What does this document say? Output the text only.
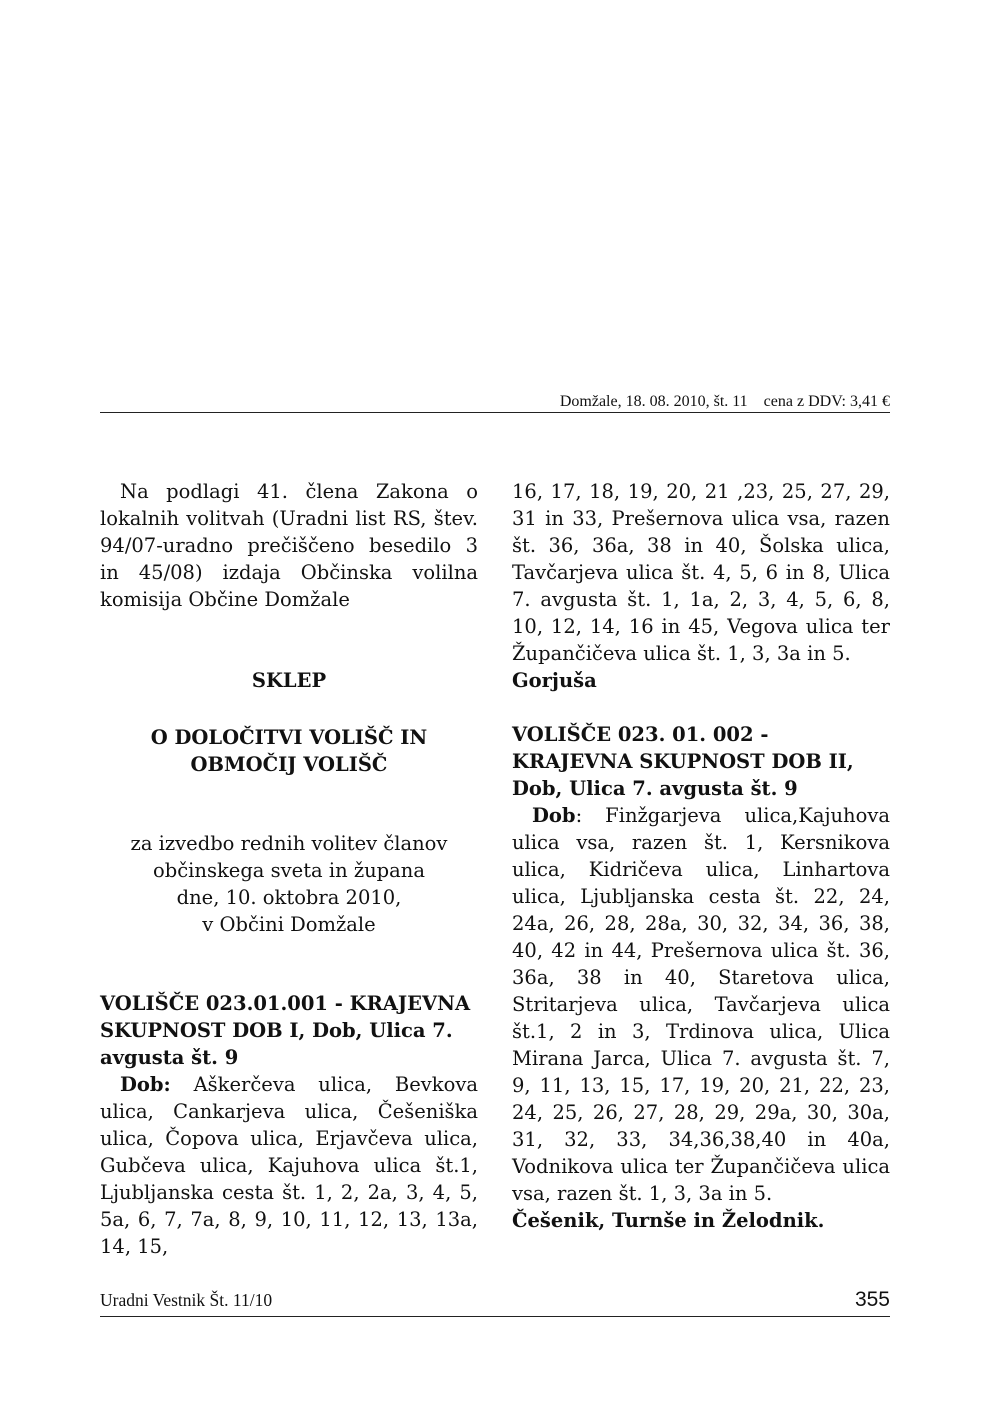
Domžale, 18. 08. 2010, št. 11 cena z DDV: 3,41 €

Na podlagi 41. člena Zakona o lokalnih volitvah (Uradni list RS, štev. 94/07-uradno prečiščeno besedilo 3 in 45/08) izdaja Občinska volilna komisija Občine Domžale

SKLEP

O DOLOČITVI VOLIŠČ IN

OBMOČIJ VOLIŠČ

za izvedbo rednih volitev članov

občinskega sveta in župana

dne, 10. oktobra 2010,

v Občini Domžale

VOLIŠČE 023.01.001 - KRAJEVNA SKUPNOST DOB I, Dob, Ulica 7. avgusta št. 9

Dob: Aškerčeva ulica, Bevkova ulica, Cankarjeva ulica, Češeniška ulica, Čopova ulica, Erjavčeva ulica, Gubčeva ulica, Kajuhova ulica št.1, Ljubljanska cesta št. 1, 2, 2a, 3, 4, 5, 5a, 6, 7, 7a, 8, 9, 10, 11, 12, 13, 13a, 14, 15,

16, 17, 18, 19, 20, 21 ,23, 25, 27, 29, 31 in 33, Prešernova ulica vsa, razen št. 36, 36a, 38 in 40, Šolska ulica, Tavčarjeva ulica št. 4, 5, 6 in 8, Ulica 7. avgusta št. 1, 1a, 2, 3, 4, 5, 6, 8, 10, 12, 14, 16 in 45, Vegova ulica ter Župančičeva ulica št. 1, 3, 3a in 5.

Gorjuša

VOLIŠČE 023. 01. 002 - KRAJEVNA SKUPNOST DOB II, Dob, Ulica 7. avgusta št. 9

Dob: Finžgarjeva ulica,Kajuhova ulica vsa, razen št. 1, Kersnikova ulica, Kidričeva ulica, Linhartova ulica, Ljubljanska cesta št. 22, 24, 24a, 26, 28, 28a, 30, 32, 34, 36, 38, 40, 42 in 44, Prešernova ulica št. 36, 36a, 38 in 40, Staretova ulica, Stritarjeva ulica, Tavčarjeva ulica št.1, 2 in 3, Trdinova ulica, Ulica Mirana Jarca, Ulica 7. avgusta št. 7, 9, 11, 13, 15, 17, 19, 20, 21, 22, 23, 24, 25, 26, 27, 28, 29, 29a, 30, 30a, 31, 32, 33, 34,36,38,40 in 40a, Vodnikova ulica ter Župančičeva ulica vsa, razen št. 1, 3, 3a in 5.

Češenik, Turnše in Želodnik.

Uradni Vestnik Št. 11/10	355
